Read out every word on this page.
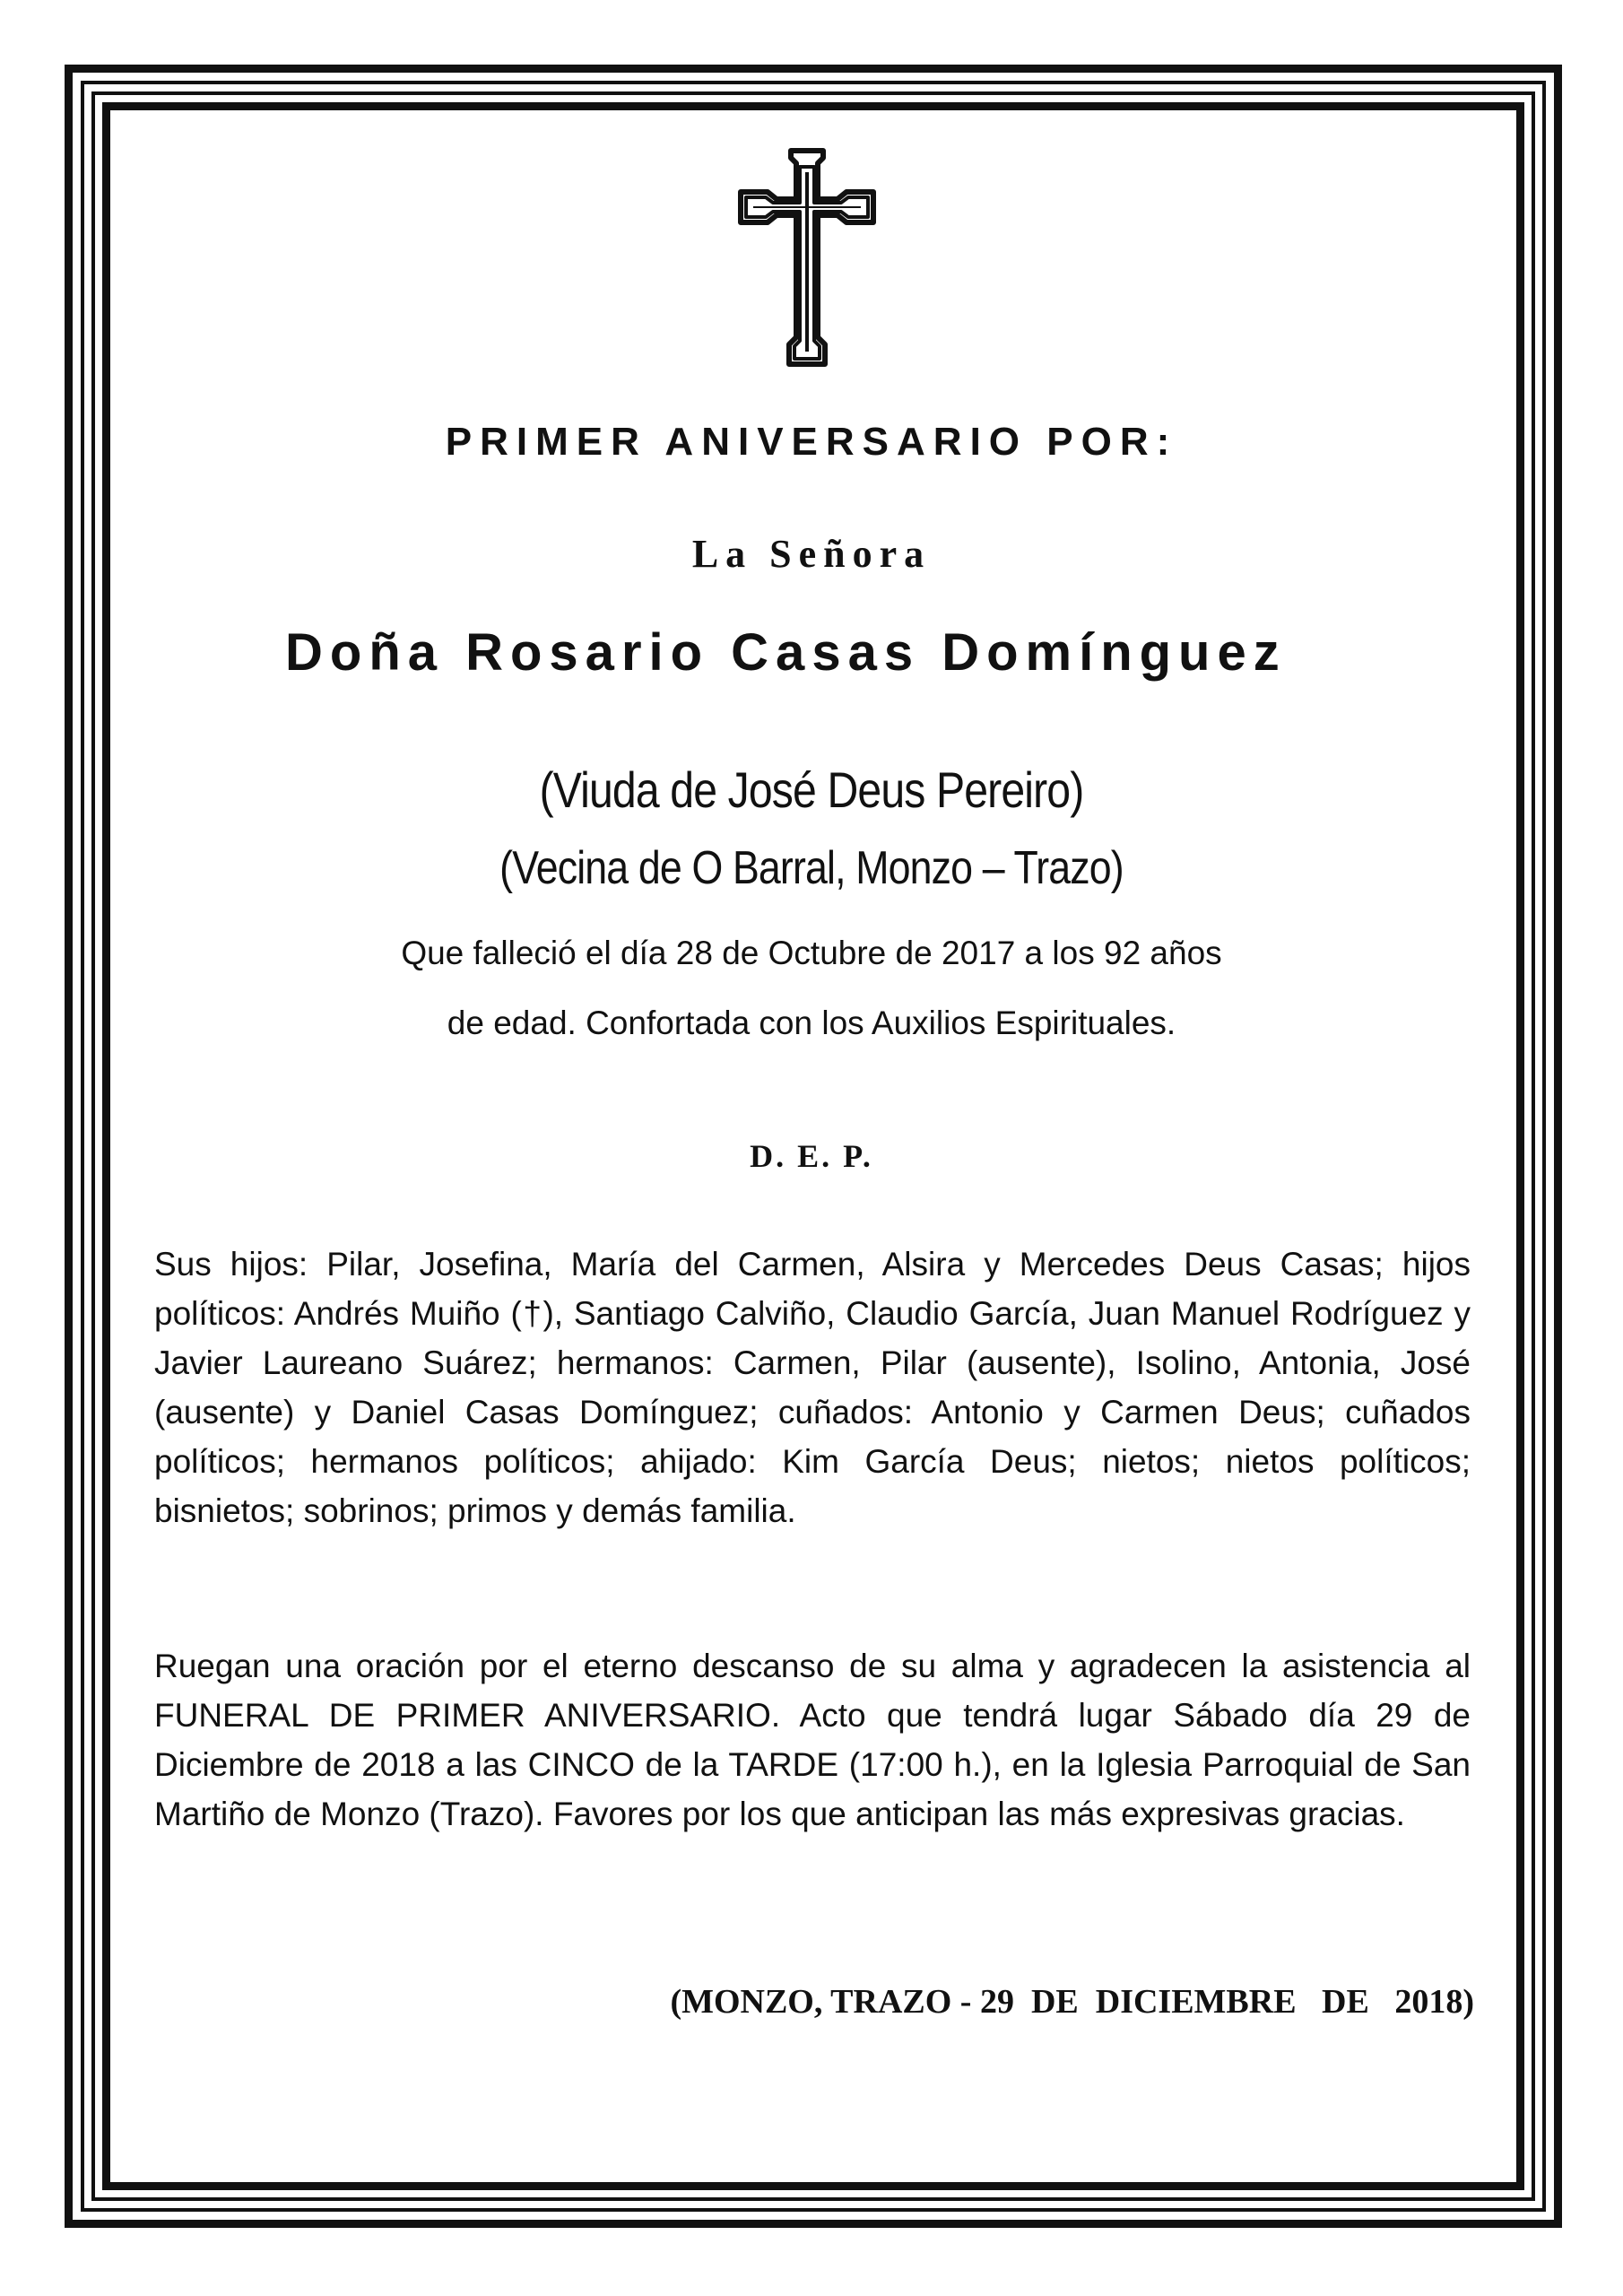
PRIMER ANIVERSARIO POR:
La Señora
Doña Rosario Casas Domínguez
(Viuda de José Deus Pereiro)
(Vecina de O Barral, Monzo – Trazo)
Que falleció el día 28 de Octubre de 2017 a los 92 años
de edad. Confortada con los Auxilios Espirituales.
D. E. P.
Sus hijos: Pilar, Josefina, María del Carmen, Alsira y Mercedes Deus Casas; hijos políticos: Andrés Muiño (†), Santiago Calviño, Claudio García, Juan Manuel Rodríguez y Javier Laureano Suárez; hermanos: Carmen, Pilar (ausente), Isolino, Antonia, José (ausente) y Daniel Casas Domínguez; cuñados: Antonio y Carmen Deus; cuñados políticos; hermanos políticos; ahijado: Kim García Deus; nietos; nietos políticos; bisnietos; sobrinos; primos y demás familia.
Ruegan una oración por el eterno descanso de su alma y agradecen la asistencia al FUNERAL DE PRIMER ANIVERSARIO. Acto que tendrá lugar Sábado día 29 de Diciembre de 2018 a las CINCO de la TARDE (17:00 h.), en la Iglesia Parroquial de San Martiño de Monzo (Trazo). Favores por los que anticipan las más expresivas gracias.
(MONZO, TRAZO - 29  DE  DICIEMBRE   DE   2018)
